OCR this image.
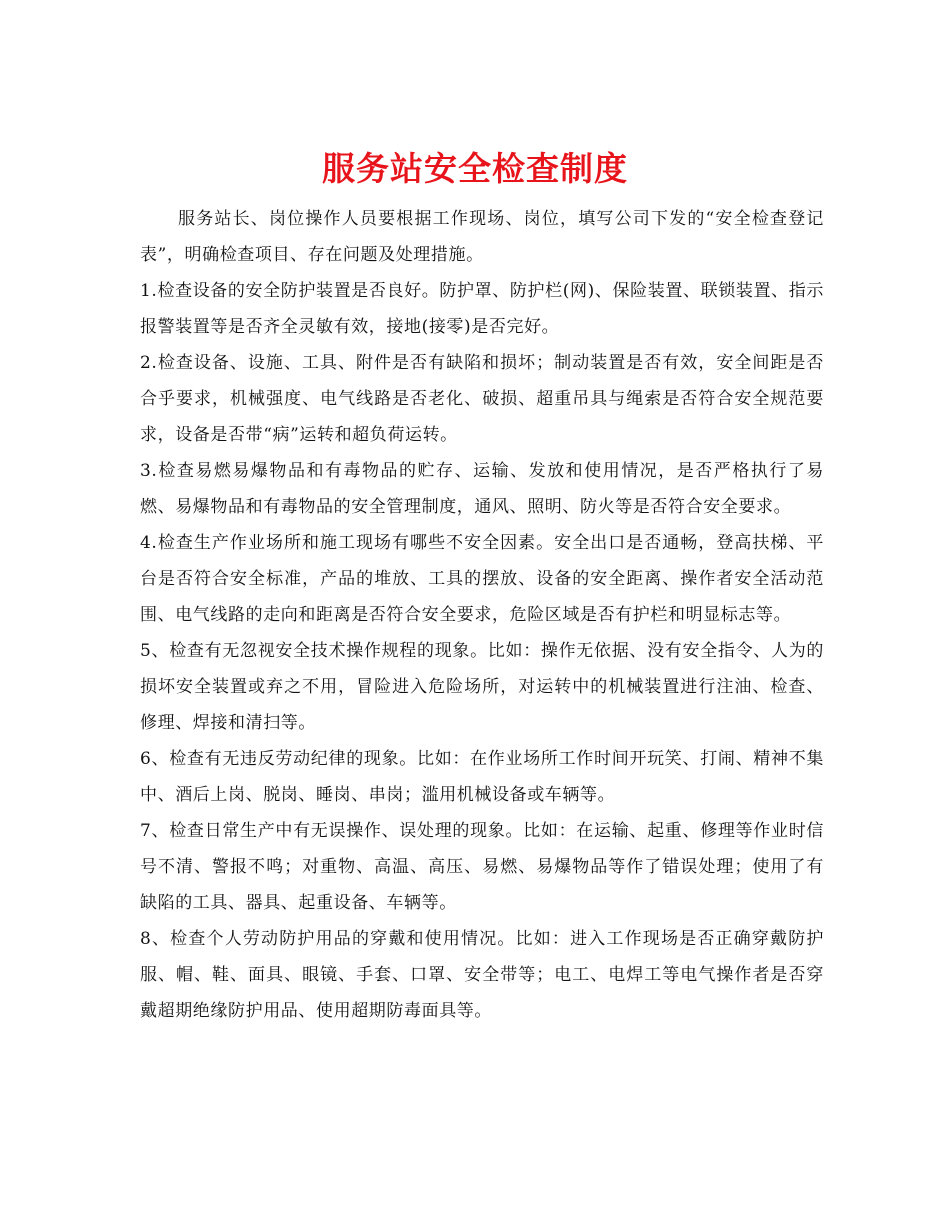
服务站安全检查制度

服务站长、岗位操作人员要根据工作现场、岗位，填写公司下发的“安全检查登记表”，明确检查项目、存在问题及处理措施。

1.检查设备的安全防护装置是否良好。防护罩、防护栏(网)、保险装置、联锁装置、指示报警装置等是否齐全灵敏有效，接地(接零)是否完好。

2.检查设备、设施、工具、附件是否有缺陷和损坏；制动装置是否有效，安全间距是否合乎要求，机械强度、电气线路是否老化、破损、超重吊具与绳索是否符合安全规范要求，设备是否带“病”运转和超负荷运转。

3.检查易燃易爆物品和有毒物品的贮存、运输、发放和使用情况，是否严格执行了易燃、易爆物品和有毒物品的安全管理制度，通风、照明、防火等是否符合安全要求。

4.检查生产作业场所和施工现场有哪些不安全因素。安全出口是否通畅，登高扶梯、平台是否符合安全标准，产品的堆放、工具的摆放、设备的安全距离、操作者安全活动范围、电气线路的走向和距离是否符合安全要求，危险区域是否有护栏和明显标志等。

5、检查有无忽视安全技术操作规程的现象。比如：操作无依据、没有安全指令、人为的损坏安全装置或弃之不用，冒险进入危险场所，对运转中的机械装置进行注油、检查、修理、焊接和清扫等。

6、检查有无违反劳动纪律的现象。比如：在作业场所工作时间开玩笑、打闹、精神不集中、酒后上岗、脱岗、睡岗、串岗；滥用机械设备或车辆等。

7、检查日常生产中有无误操作、误处理的现象。比如：在运输、起重、修理等作业时信号不清、警报不鸣；对重物、高温、高压、易燃、易爆物品等作了错误处理；使用了有缺陷的工具、器具、起重设备、车辆等。

8、检查个人劳动防护用品的穿戴和使用情况。比如：进入工作现场是否正确穿戴防护服、帽、鞋、面具、眼镜、手套、口罩、安全带等；电工、电焊工等电气操作者是否穿戴超期绝缘防护用品、使用超期防毒面具等。
